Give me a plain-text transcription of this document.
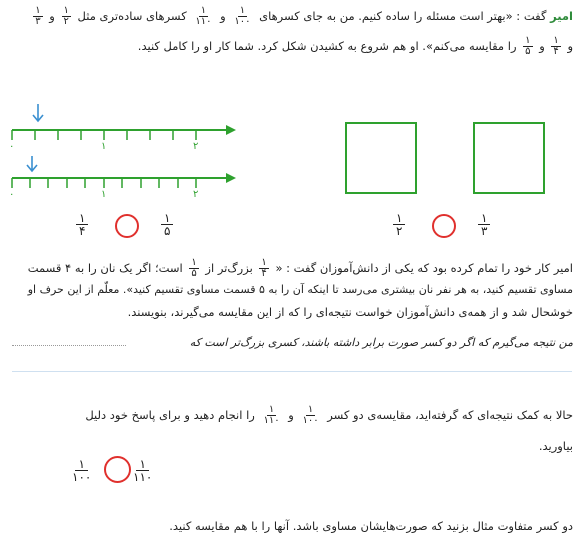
امیر گفت : «بهتر است مسئله را ساده کنیم. من به جای کسرهای
$\frac{۱}{۱۰۰}$
و
$\frac{۱}{۱۱۰}$
کسرهای ساده‌تری مثل
$\frac{۱}{۲}$
و
$\frac{۱}{۳}$
و
$\frac{۱}{۴}$
و
$\frac{۱}{۵}$
را مقایسه می‌کنم». او هم شروع به کشیدن شکل کرد. شما کار او را کامل کنید.
۰	۱	۲
۰	۱	۲
۱
۴
۱
۵
۱
۲
۱
۳
امیر کار خود را تمام کرده بود که یکی از دانش‌آموزان گفت : «
$\frac{۱}{۴}$
بزرگ‌تر از
$\frac{۱}{۵}$
است؛ اگر یک نان را به ۴ قسمت
مساوی تقسیم کنید، به هر نفر نان بیشتری می‌رسد تا اینکه آن را به ۵ قسمت مساوی تقسیم کنید». معلّم از این حرف او
خوشحال شد و از همه‌ی دانش‌آموزان خواست نتیجه‌ای را که از این مقایسه می‌گیرند، بنویسند.
من نتیجه می‌گیرم که اگر دو کسر صورت برابر داشته باشند، کسری بزرگ‌تر است که
حالا به کمک نتیجه‌ای که گرفته‌اید، مقایسه‌ی دو کسر
$\frac{۱}{۱۰۰}$
و
$\frac{۱}{۱۱۰}$
را انجام دهید و برای پاسخ خود دلیل
بیاورید.
۱
۱۰۰
۱
۱۱۰
دو کسر متفاوت مثال بزنید که صورت‌هایشان مساوی باشد. آنها را با هم مقایسه کنید.
